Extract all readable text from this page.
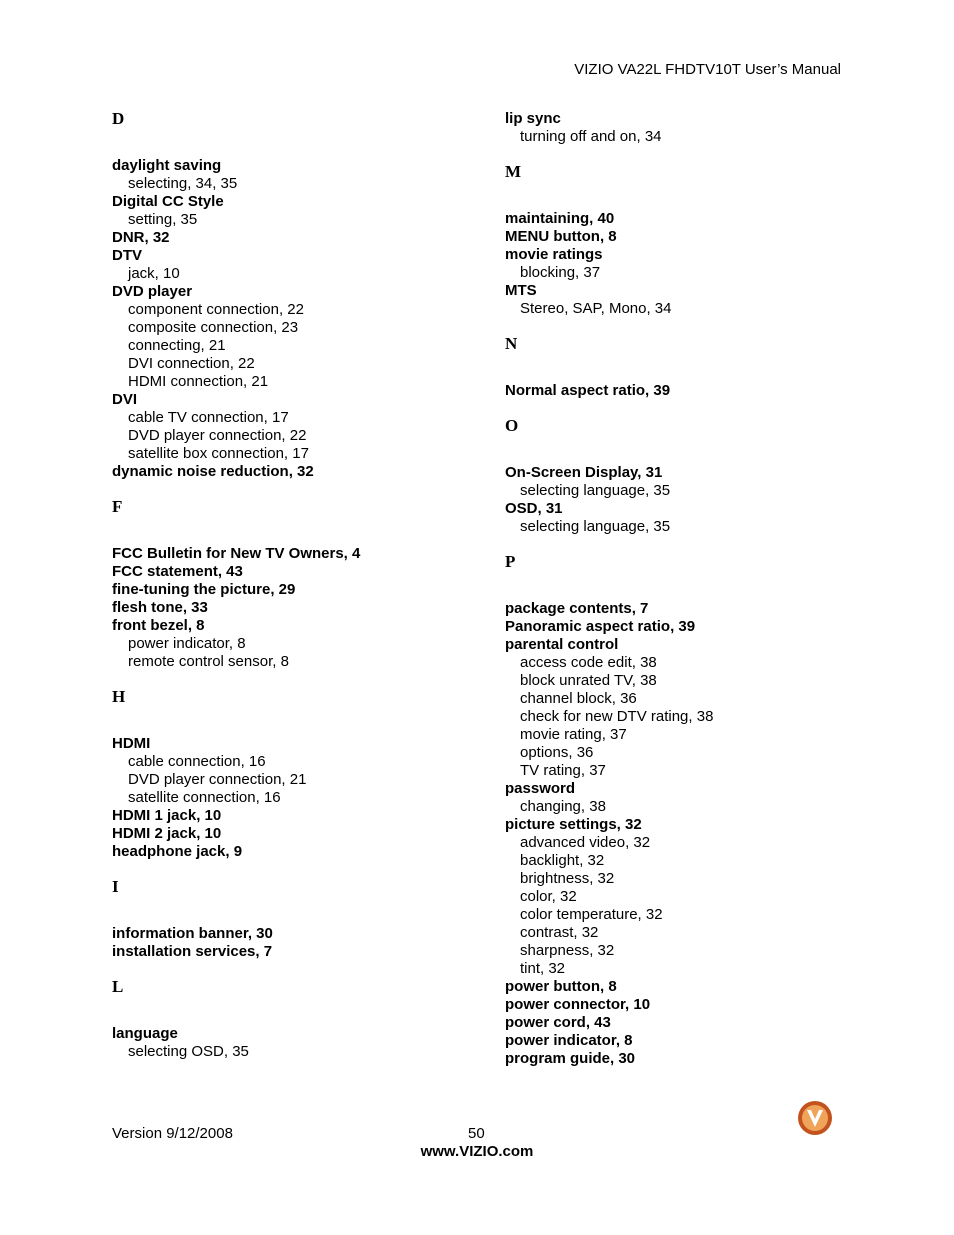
VIZIO VA22L FHDTV10T User’s Manual
D
daylight saving
selecting, 34, 35
Digital CC Style
setting, 35
DNR, 32
DTV
jack, 10
DVD player
component connection, 22
composite connection, 23
connecting, 21
DVI connection, 22
HDMI connection, 21
DVI
cable TV connection, 17
DVD player connection, 22
satellite box connection, 17
dynamic noise reduction, 32
F
FCC Bulletin for New TV Owners, 4
FCC statement, 43
fine-tuning the picture, 29
flesh tone, 33
front bezel, 8
power indicator, 8
remote control sensor, 8
H
HDMI
cable connection, 16
DVD player connection, 21
satellite connection, 16
HDMI 1 jack, 10
HDMI 2 jack, 10
headphone jack, 9
I
information banner, 30
installation services, 7
L
language
selecting OSD, 35
lip sync
turning off and on, 34
M
maintaining, 40
MENU button, 8
movie ratings
blocking, 37
MTS
Stereo, SAP, Mono, 34
N
Normal aspect ratio, 39
O
On-Screen Display, 31
selecting language, 35
OSD, 31
selecting language, 35
P
package contents, 7
Panoramic aspect ratio, 39
parental control
access code edit, 38
block unrated TV, 38
channel block, 36
check for new DTV rating, 38
movie rating, 37
options, 36
TV rating, 37
password
changing, 38
picture settings, 32
advanced video, 32
backlight, 32
brightness, 32
color, 32
color temperature, 32
contrast, 32
sharpness, 32
tint, 32
power button, 8
power connector, 10
power cord, 43
power indicator, 8
program guide, 30
Version 9/12/2008	50
www.VIZIO.com
